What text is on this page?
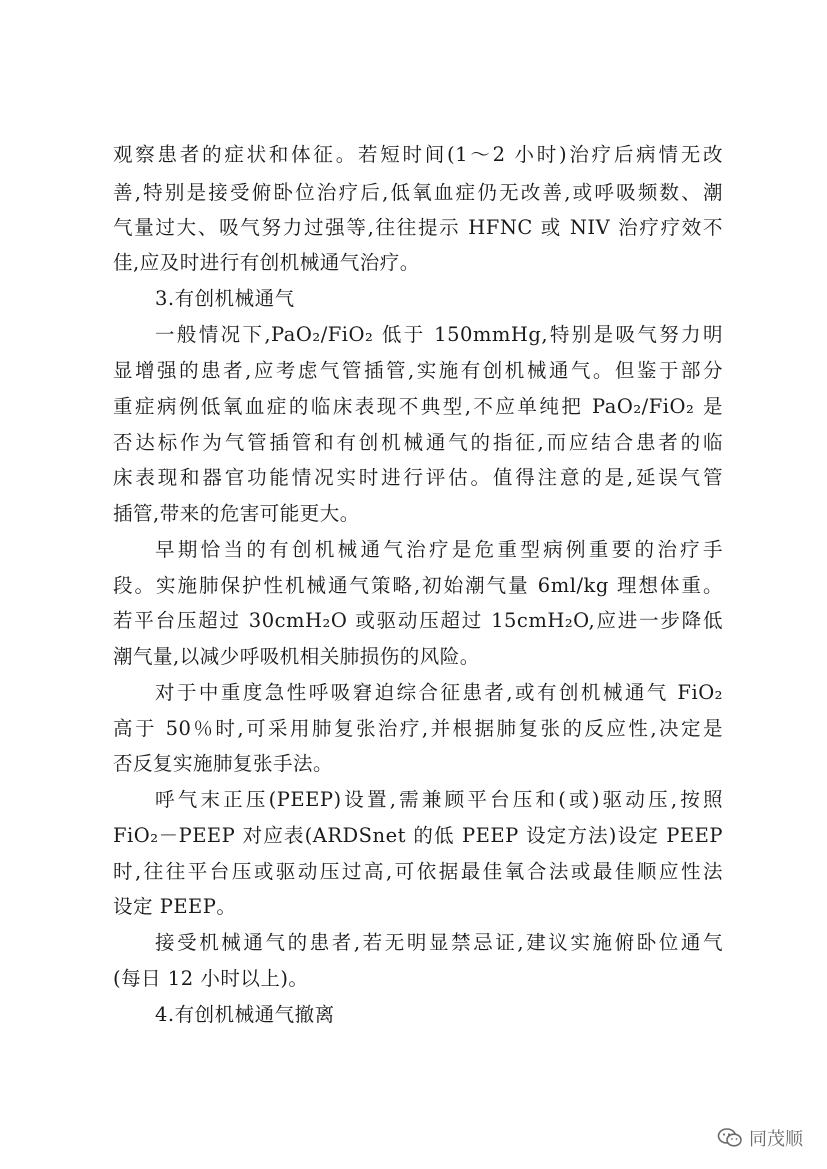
观察患者的症状和体征。若短时间(1～2 小时)治疗后病情无改
善,特别是接受俯卧位治疗后,低氧血症仍无改善,或呼吸频数、潮
气量过大、吸气努力过强等,往往提示 HFNC 或 NIV 治疗疗效不
佳,应及时进行有创机械通气治疗。
3.有创机械通气
一般情况下,PaO₂/FiO₂ 低于 150mmHg,特别是吸气努力明
显增强的患者,应考虑气管插管,实施有创机械通气。但鉴于部分
重症病例低氧血症的临床表现不典型,不应单纯把 PaO₂/FiO₂ 是
否达标作为气管插管和有创机械通气的指征,而应结合患者的临
床表现和器官功能情况实时进行评估。值得注意的是,延误气管
插管,带来的危害可能更大。
早期恰当的有创机械通气治疗是危重型病例重要的治疗手
段。实施肺保护性机械通气策略,初始潮气量 6ml/kg 理想体重。
若平台压超过 30cmH₂O 或驱动压超过 15cmH₂O,应进一步降低
潮气量,以减少呼吸机相关肺损伤的风险。
对于中重度急性呼吸窘迫综合征患者,或有创机械通气 FiO₂
高于 50％时,可采用肺复张治疗,并根据肺复张的反应性,决定是
否反复实施肺复张手法。
呼气末正压(PEEP)设置,需兼顾平台压和(或)驱动压,按照
FiO₂－PEEP 对应表(ARDSnet 的低 PEEP 设定方法)设定 PEEP
时,往往平台压或驱动压过高,可依据最佳氧合法或最佳顺应性法
设定 PEEP。
接受机械通气的患者,若无明显禁忌证,建议实施俯卧位通气
(每日 12 小时以上)。
4.有创机械通气撤离
同茂顺
